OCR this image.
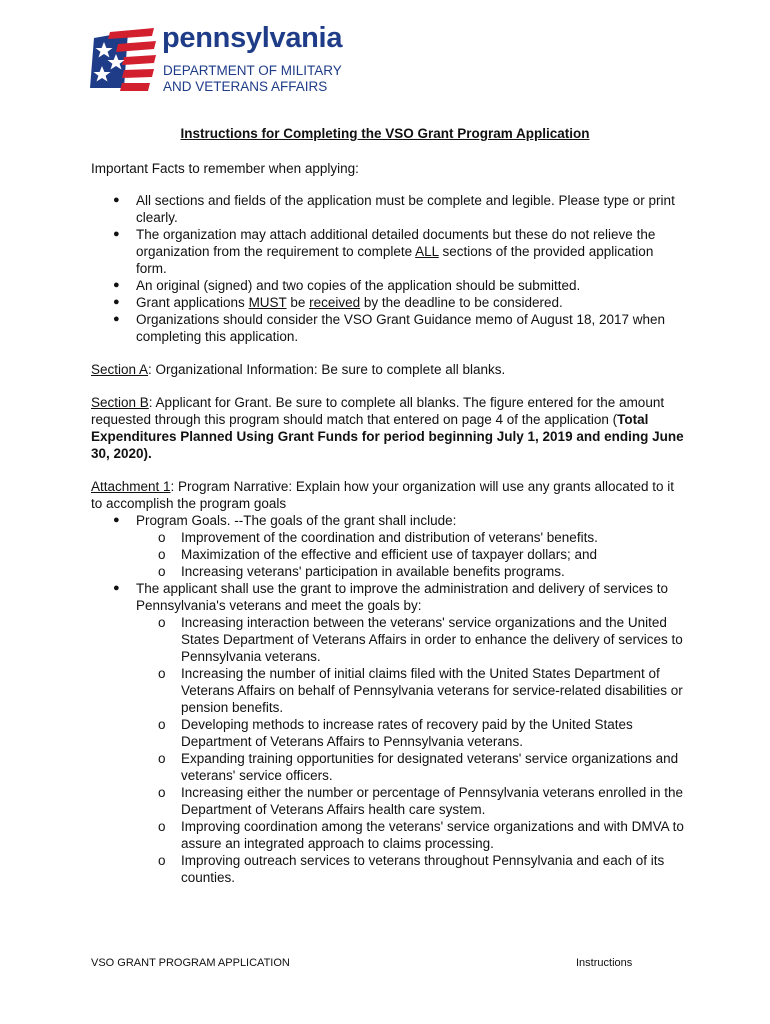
pennsylvania
DEPARTMENT OF MILITARY
AND VETERANS AFFAIRS
Instructions for Completing the VSO Grant Program Application

Important Facts to remember when applying:

● All sections and fields of the application must be complete and legible. Please type or print clearly.
● The organization may attach additional detailed documents but these do not relieve the organization from the requirement to complete ALL sections of the provided application form.
● An original (signed) and two copies of the application should be submitted.
● Grant applications MUST be received by the deadline to be considered.
● Organizations should consider the VSO Grant Guidance memo of August 18, 2017 when completing this application.

Section A: Organizational Information: Be sure to complete all blanks.

Section B: Applicant for Grant. Be sure to complete all blanks. The figure entered for the amount requested through this program should match that entered on page 4 of the application (Total Expenditures Planned Using Grant Funds for period beginning July 1, 2019 and ending June 30, 2020).

Attachment 1: Program Narrative: Explain how your organization will use any grants allocated to it to accomplish the program goals

● Program Goals. --The goals of the grant shall include:
o Improvement of the coordination and distribution of veterans' benefits.
o Maximization of the effective and efficient use of taxpayer dollars; and
o Increasing veterans' participation in available benefits programs.
● The applicant shall use the grant to improve the administration and delivery of services to Pennsylvania's veterans and meet the goals by:
o Increasing interaction between the veterans' service organizations and the United States Department of Veterans Affairs in order to enhance the delivery of services to Pennsylvania veterans.
o Increasing the number of initial claims filed with the United States Department of Veterans Affairs on behalf of Pennsylvania veterans for service-related disabilities or pension benefits.
o Developing methods to increase rates of recovery paid by the United States Department of Veterans Affairs to Pennsylvania veterans.
o Expanding training opportunities for designated veterans' service organizations and veterans' service officers.
o Increasing either the number or percentage of Pennsylvania veterans enrolled in the Department of Veterans Affairs health care system.
o Improving coordination among the veterans' service organizations and with DMVA to assure an integrated approach to claims processing.
o Improving outreach services to veterans throughout Pennsylvania and each of its counties.
VSO GRANT PROGRAM APPLICATION	Instructions
